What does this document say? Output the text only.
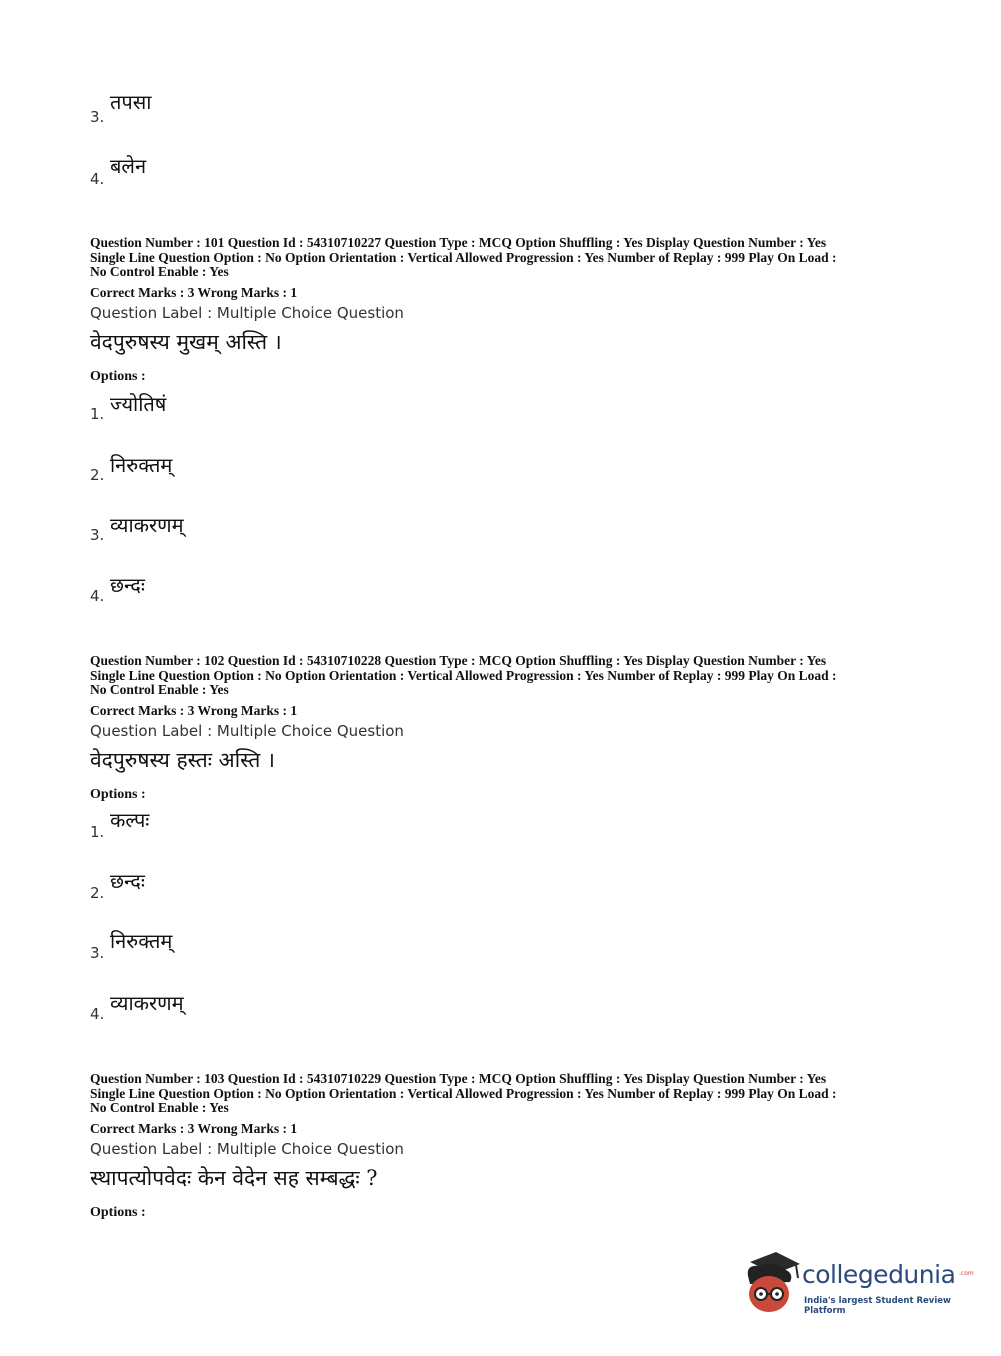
3.
तपसा
4.
बलेन
Question Number : 101 Question Id : 54310710227 Question Type : MCQ Option Shuffling : Yes Display Question Number : Yes
Single Line Question Option : No Option Orientation : Vertical Allowed Progression : Yes Number of Replay : 999 Play On Load :
No Control Enable : Yes
Correct Marks : 3 Wrong Marks : 1
Question Label : Multiple Choice Question
वेदपुरुषस्य मुखम् अस्ति ।
Options :
1. ज्योतिषं
2. निरुक्तम्
3. व्याकरणम्
4. छन्दः
Question Number : 102 Question Id : 54310710228 Question Type : MCQ Option Shuffling : Yes Display Question Number : Yes
Single Line Question Option : No Option Orientation : Vertical Allowed Progression : Yes Number of Replay : 999 Play On Load :
No Control Enable : Yes
Correct Marks : 3 Wrong Marks : 1
Question Label : Multiple Choice Question
वेदपुरुषस्य हस्तः अस्ति ।
Options :
1. कल्पः
2. छन्दः
3. निरुक्तम्
4. व्याकरणम्
Question Number : 103 Question Id : 54310710229 Question Type : MCQ Option Shuffling : Yes Display Question Number : Yes
Single Line Question Option : No Option Orientation : Vertical Allowed Progression : Yes Number of Replay : 999 Play On Load :
No Control Enable : Yes
Correct Marks : 3 Wrong Marks : 1
Question Label : Multiple Choice Question
स्थापत्योपवेदः केन वेदेन सह सम्बद्धः ?
Options :
collegedunia .com
India's largest Student Review Platform
